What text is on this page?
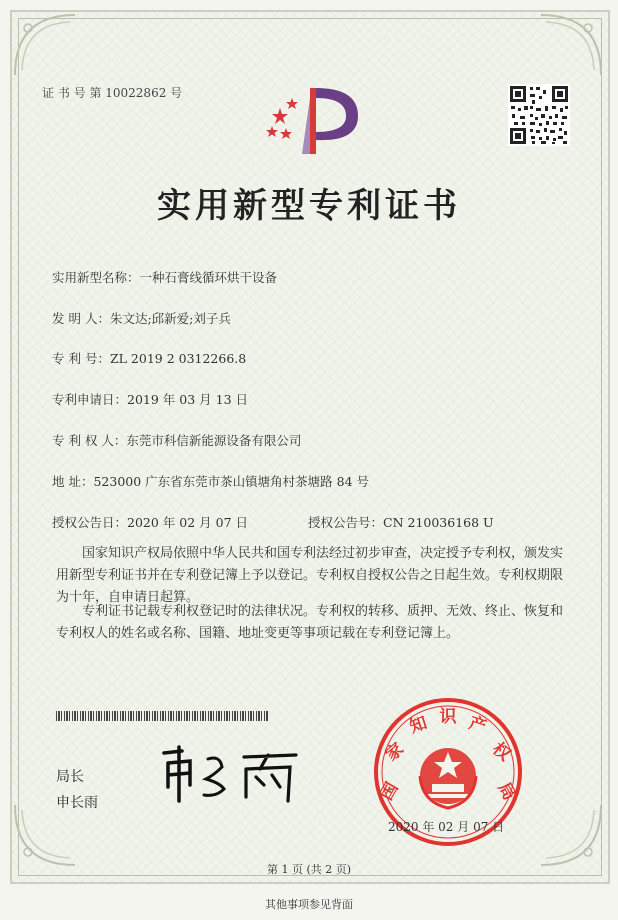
证 书 号 第 10022862 号
实用新型专利证书
实用新型名称：一种石膏线循环烘干设备
发 明 人：朱文达;邱新爱;刘子兵
专 利 号：ZL 2019 2 0312266.8
专利申请日：2019 年 03 月 13 日
专 利 权 人：东莞市科信新能源设备有限公司
地 址：523000 广东省东莞市茶山镇塘角村茶塘路 84 号
授权公告日：2020 年 02 月 07 日	授权公告号：CN 210036168 U
国家知识产权局依照中华人民共和国专利法经过初步审查，决定授予专利权，颁发实用新型专利证书并在专利登记簿上予以登记。专利权自授权公告之日起生效。专利权期限为十年，自申请日起算。
专利证书记载专利权登记时的法律状况。专利权的转移、质押、无效、终止、恢复和专利权人的姓名或名称、国籍、地址变更等事项记载在专利登记簿上。
局长
申长雨	国
家
知 识 产
权
局
2020 年 02 月 07 日
第 1 页 (共 2 页)
其他事项参见背面
